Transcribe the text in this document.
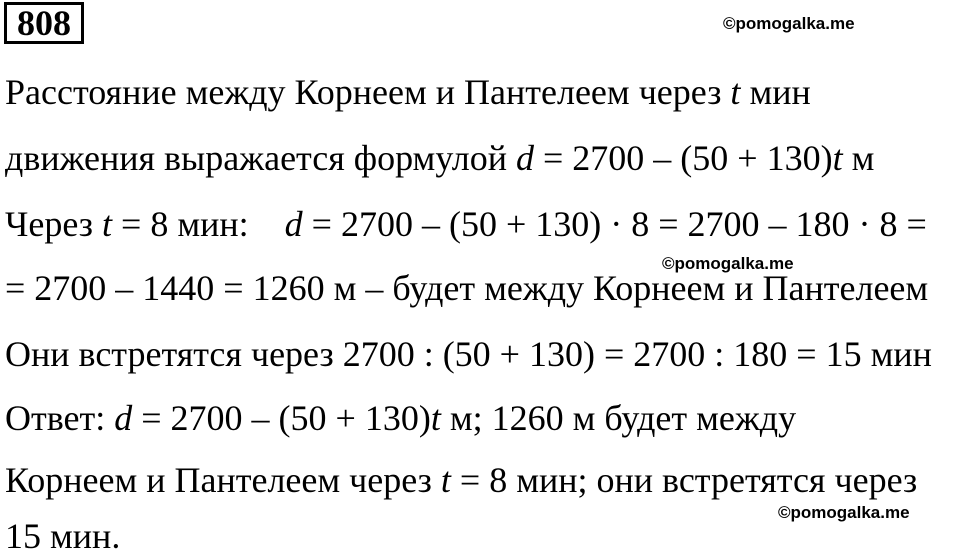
808	©pomogalka.me
©pomogalka.me
©pomogalka.me
Расстояние между Корнеем и Пантелеем через t мин
движения выражается формулой d = 2700 – (50 + 130)t м
Через t = 8 мин:    d = 2700 – (50 + 130) · 8 = 2700 – 180 · 8 =
= 2700 – 1440 = 1260 м – будет между Корнеем и Пантелеем
Они встретятся через 2700 : (50 + 130) = 2700 : 180 = 15 мин
Ответ: d = 2700 – (50 + 130)t м; 1260 м будет между
Корнеем и Пантелеем через t = 8 мин; они встретятся через
15 мин.
